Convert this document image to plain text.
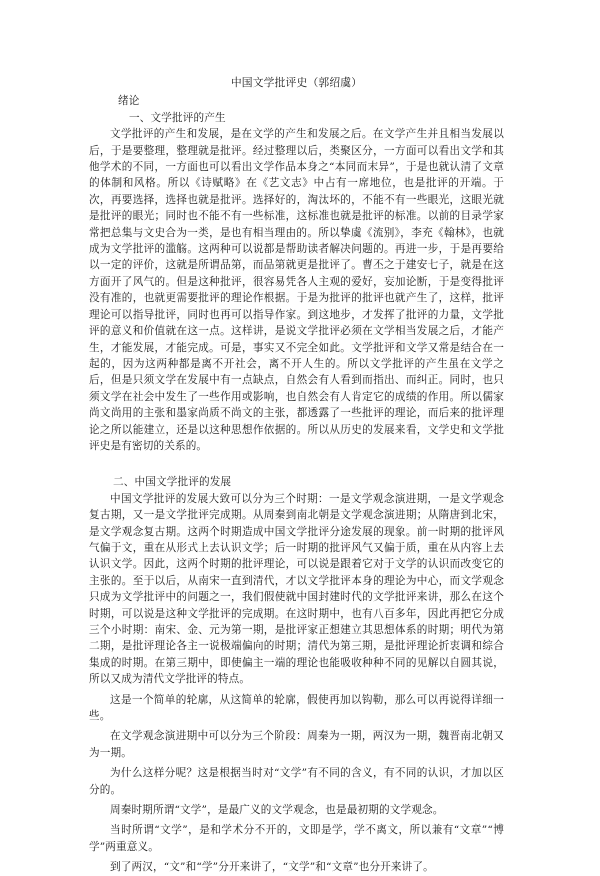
中国文学批评史（郭绍虞）
绪论
一、文学批评的产生

文学批评的产生和发展，是在文学的产生和发展之后。在文学产生并且相当发展以后，于是要整理，整理就是批评。经过整理以后，类聚区分，一方面可以看出文学和其他学术的不同，一方面也可以看出文学作品本身之“本同而末异”，于是也就认清了文章的体制和风格。所以《诗赋略》在《艺文志》中占有一席地位，也是批评的开端。于次，再要选择，选择也就是批评。选择好的，淘汰坏的，不能不有一些眼光，这眼光就是批评的眼光；同时也不能不有一些标准，这标准也就是批评的标准。以前的目录学家常把总集与文史合为一类，是也有相当理由的。所以挚虞《流别》，李充《翰林》，也就成为文学批评的滥觞。这两种可以说都是帮助读者解决问题的。再进一步，于是再要给以一定的评价，这就是所谓品第，而品第就更是批评了。曹丕之于建安七子，就是在这方面开了风气的。但是这种批评，很容易凭各人主观的爱好，妄加论断，于是变得批评没有准的，也就更需要批评的理论作根据。于是为批评的批评也就产生了，这样，批评理论可以指导批评，同时也再可以指导作家。到这地步，才发挥了批评的力量，文学批评的意义和价值就在这一点。这样讲，是说文学批评必须在文学相当发展之后，才能产生，才能发展，才能完成。可是，事实又不完全如此。文学批评和文学又常是结合在一起的，因为这两种都是离不开社会，离不开人生的。所以文学批评的产生虽在文学之后，但是只须文学在发展中有一点缺点，自然会有人看到而指出、而纠正。同时，也只须文学在社会中发生了一些作用或影响，也自然会有人肯定它的成绩的作用。所以儒家尚文尚用的主张和墨家尚质不尚文的主张，都透露了一些批评的理论，而后来的批评理论之所以能建立，还是以这种思想作依据的。所以从历史的发展来看，文学史和文学批评史是有密切的关系的。

二、中国文学批评的发展

中国文学批评的发展大致可以分为三个时期：一是文学观念演进期，一是文学观念复古期，又一是文学批评完成期。从周秦到南北朝是文学观念演进期；从隋唐到北宋，是文学观念复古期。这两个时期造成中国文学批评分途发展的现象。前一时期的批评风气偏于文，重在从形式上去认识文学；后一时期的批评风气又偏于质，重在从内容上去认识文学。因此，这两个时期的批评理论，可以说是跟着它对于文学的认识而改变它的主张的。至于以后，从南宋一直到清代，才以文学批评本身的理论为中心，而文学观念只成为文学批评中的问题之一，我们假使就中国封建时代的文学批评来讲，那么在这个时期，可以说是这种文学批评的完成期。在这时期中，也有八百多年，因此再把它分成三个小时期：南宋、金、元为第一期，是批评家正想建立其思想体系的时期；明代为第二期，是批评理论各主一说极端偏向的时期；清代为第三期，是批评理论折衷调和综合集成的时期。在第三期中，即使偏主一端的理论也能吸收种种不同的见解以自圆其说，所以又成为清代文学批评的特点。

这是一个简单的轮廓，从这简单的轮廓，假使再加以钩勒，那么可以再说得详细一些。

在文学观念演进期中可以分为三个阶段：周秦为一期，两汉为一期，魏晋南北朝又为一期。

为什么这样分呢？这是根据当时对“文学”有不同的含义，有不同的认识，才加以区分的。

周秦时期所谓“文学”，是最广义的文学观念，也是最初期的文学观念。

当时所谓“文学”，是和学术分不开的，文即是学，学不离文，所以兼有“文章”“博学”两重意义。

到了两汉，“文”和“学”分开来讲了，“文学”和“文章”也分开来讲了。
